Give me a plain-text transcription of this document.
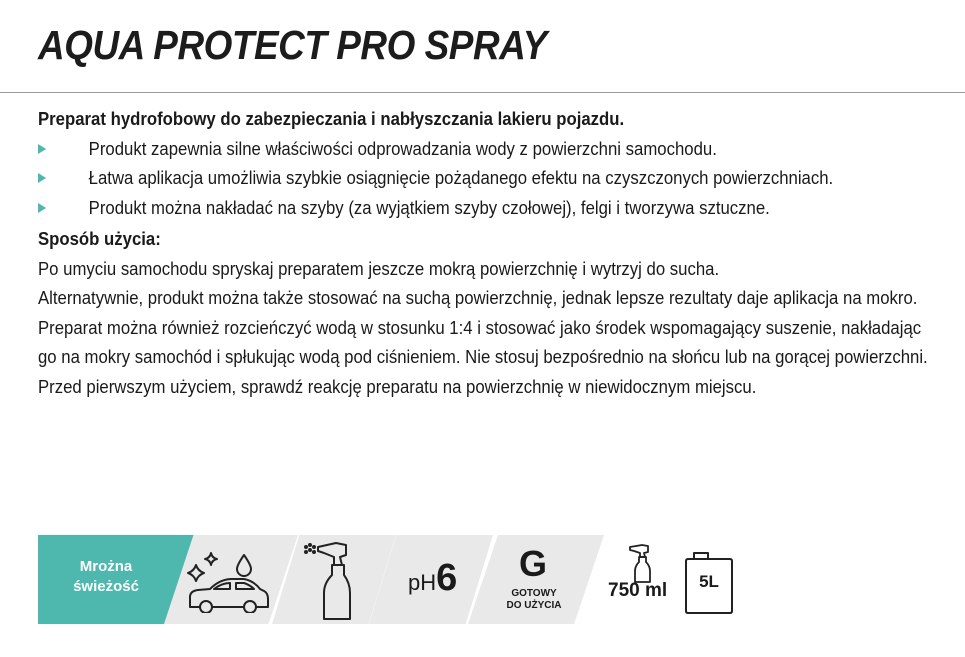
AQUA PROTECT PRO SPRAY

Preparat hydrofobowy do zabezpieczania i nabłyszczania lakieru pojazdu.

Produkt zapewnia silne właściwości odprowadzania wody z powierzchni samochodu.
Łatwa aplikacja umożliwia szybkie osiągnięcie pożądanego efektu na czyszczonych powierzchniach.
Produkt można nakładać na szyby (za wyjątkiem szyby czołowej), felgi i tworzywa sztuczne.

Sposób użycia:

Po umyciu samochodu spryskaj preparatem jeszcze mokrą powierzchnię i wytrzyj do sucha.

Alternatywnie, produkt można także stosować na suchą powierzchnię, jednak lepsze rezultaty daje aplikacja na mokro.

Preparat można również rozcieńczyć wodą w stosunku 1:4 i stosować jako środek wspomagający suszenie, nakładając

go na mokry samochód i spłukując wodą pod ciśnieniem. Nie stosuj bezpośrednio na słońcu lub na gorącej powierzchni.

Przed pierwszym użyciem, sprawdź reakcję preparatu na powierzchnię w niewidocznym miejscu.

Mrożna
świeżość	pH6	G
GOTOWY
DO UŻYCIA
750 ml	5L
